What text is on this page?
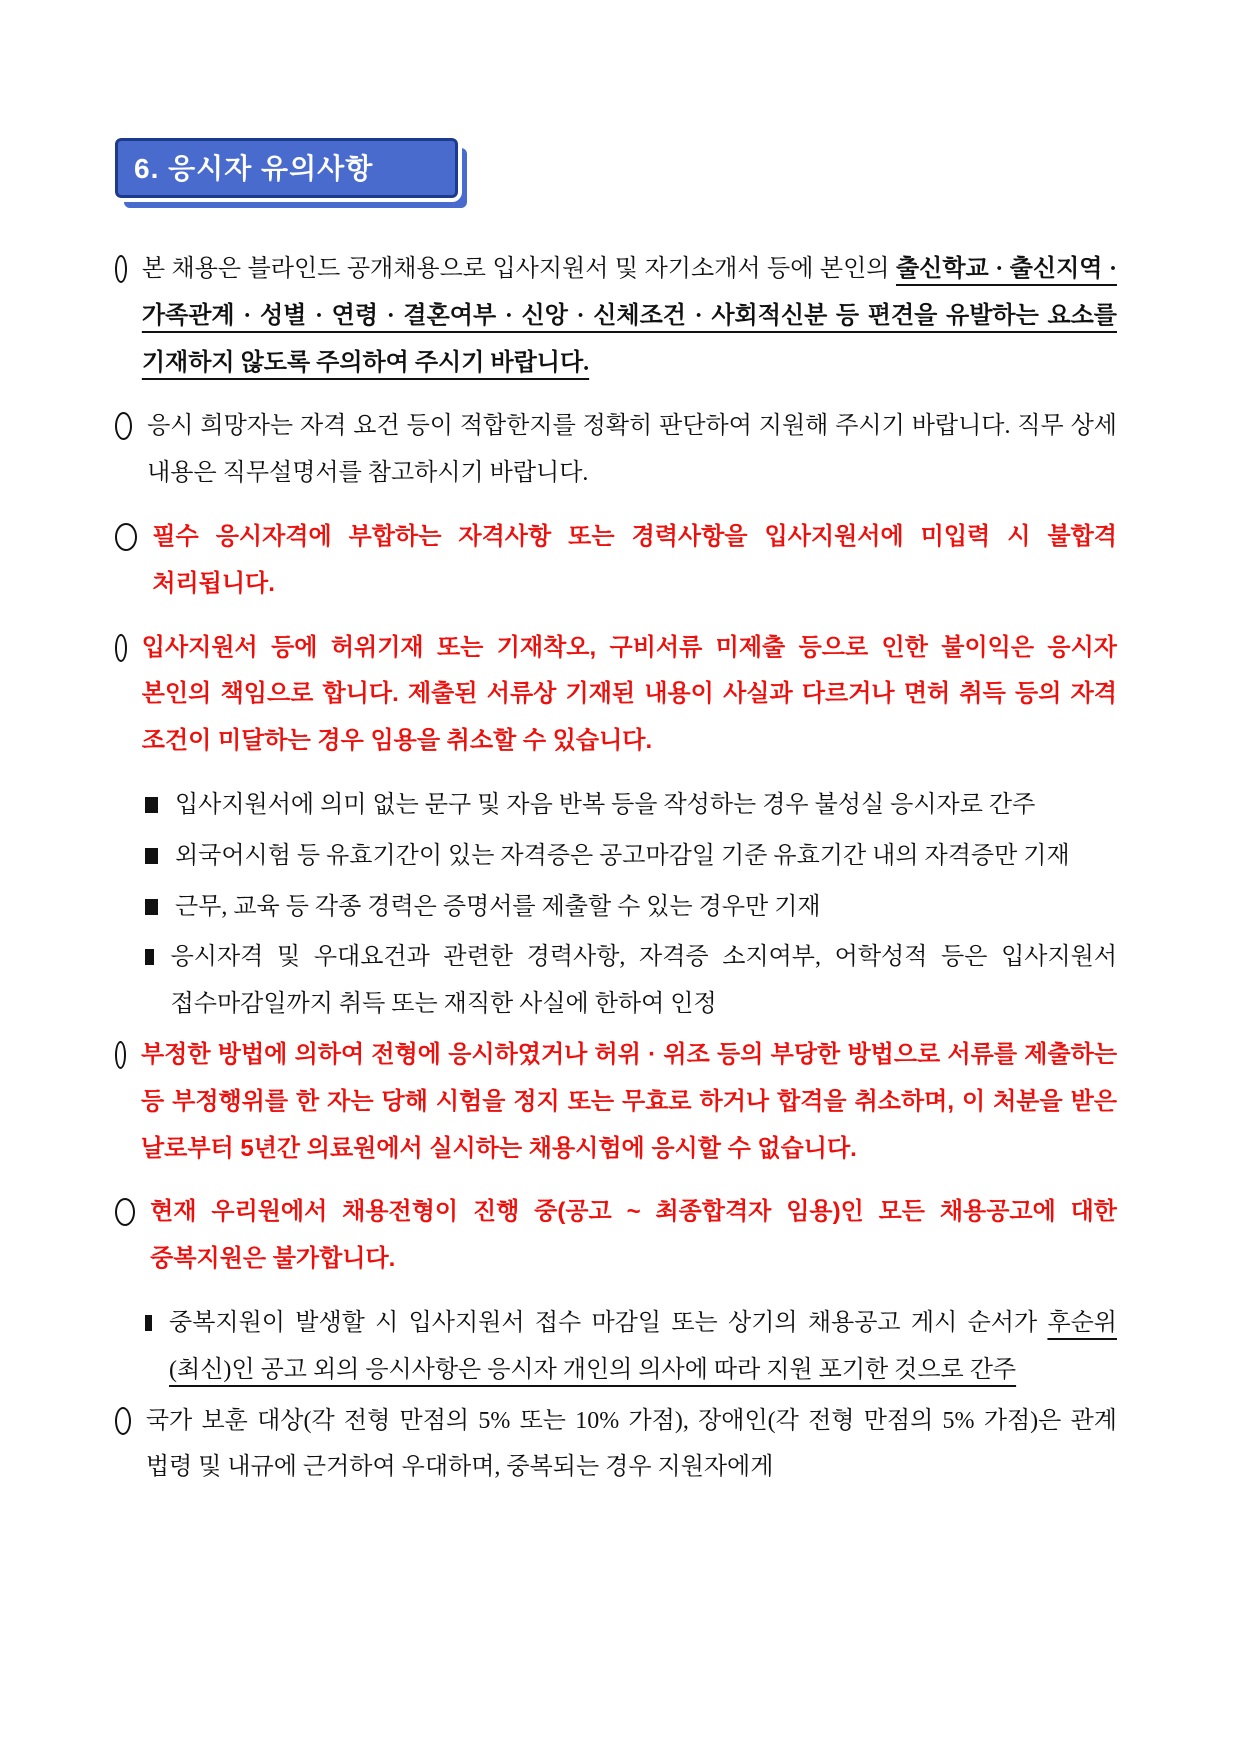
6. 응시자 유의사항
본 채용은 블라인드 공개채용으로 입사지원서 및 자기소개서 등에 본인의 출신학교 · 출신지역 · 가족관계 · 성별 · 연령 · 결혼여부 · 신앙 · 신체조건 · 사회적신분 등 편견을 유발하는 요소를 기재하지 않도록 주의하여 주시기 바랍니다.
응시 희망자는 자격 요건 등이 적합한지를 정확히 판단하여 지원해 주시기 바랍니다. 직무 상세 내용은 직무설명서를 참고하시기 바랍니다.
필수 응시자격에 부합하는 자격사항 또는 경력사항을 입사지원서에 미입력 시 불합격 처리됩니다.
입사지원서 등에 허위기재 또는 기재착오, 구비서류 미제출 등으로 인한 불이익은 응시자 본인의 책임으로 합니다. 제출된 서류상 기재된 내용이 사실과 다르거나 면허 취득 등의 자격 조건이 미달하는 경우 임용을 취소할 수 있습니다.
입사지원서에 의미 없는 문구 및 자음 반복 등을 작성하는 경우 불성실 응시자로 간주
외국어시험 등 유효기간이 있는 자격증은 공고마감일 기준 유효기간 내의 자격증만 기재
근무, 교육 등 각종 경력은 증명서를 제출할 수 있는 경우만 기재
응시자격 및 우대요건과 관련한 경력사항, 자격증 소지여부, 어학성적 등은 입사지원서 접수마감일까지 취득 또는 재직한 사실에 한하여 인정
부정한 방법에 의하여 전형에 응시하였거나 허위 · 위조 등의 부당한 방법으로 서류를 제출하는 등 부정행위를 한 자는 당해 시험을 정지 또는 무효로 하거나 합격을 취소하며, 이 처분을 받은 날로부터 5년간 의료원에서 실시하는 채용시험에 응시할 수 없습니다.
현재 우리원에서 채용전형이 진행 중(공고 ~ 최종합격자 임용)인 모든 채용공고에 대한 중복지원은 불가합니다.
중복지원이 발생할 시 입사지원서 접수 마감일 또는 상기의 채용공고 게시 순서가 후순위(최신)인 공고 외의 응시사항은 응시자 개인의 의사에 따라 지원 포기한 것으로 간주
국가 보훈 대상(각 전형 만점의 5% 또는 10% 가점), 장애인(각 전형 만점의 5% 가점)은 관계 법령 및 내규에 근거하여 우대하며, 중복되는 경우 지원자에게
